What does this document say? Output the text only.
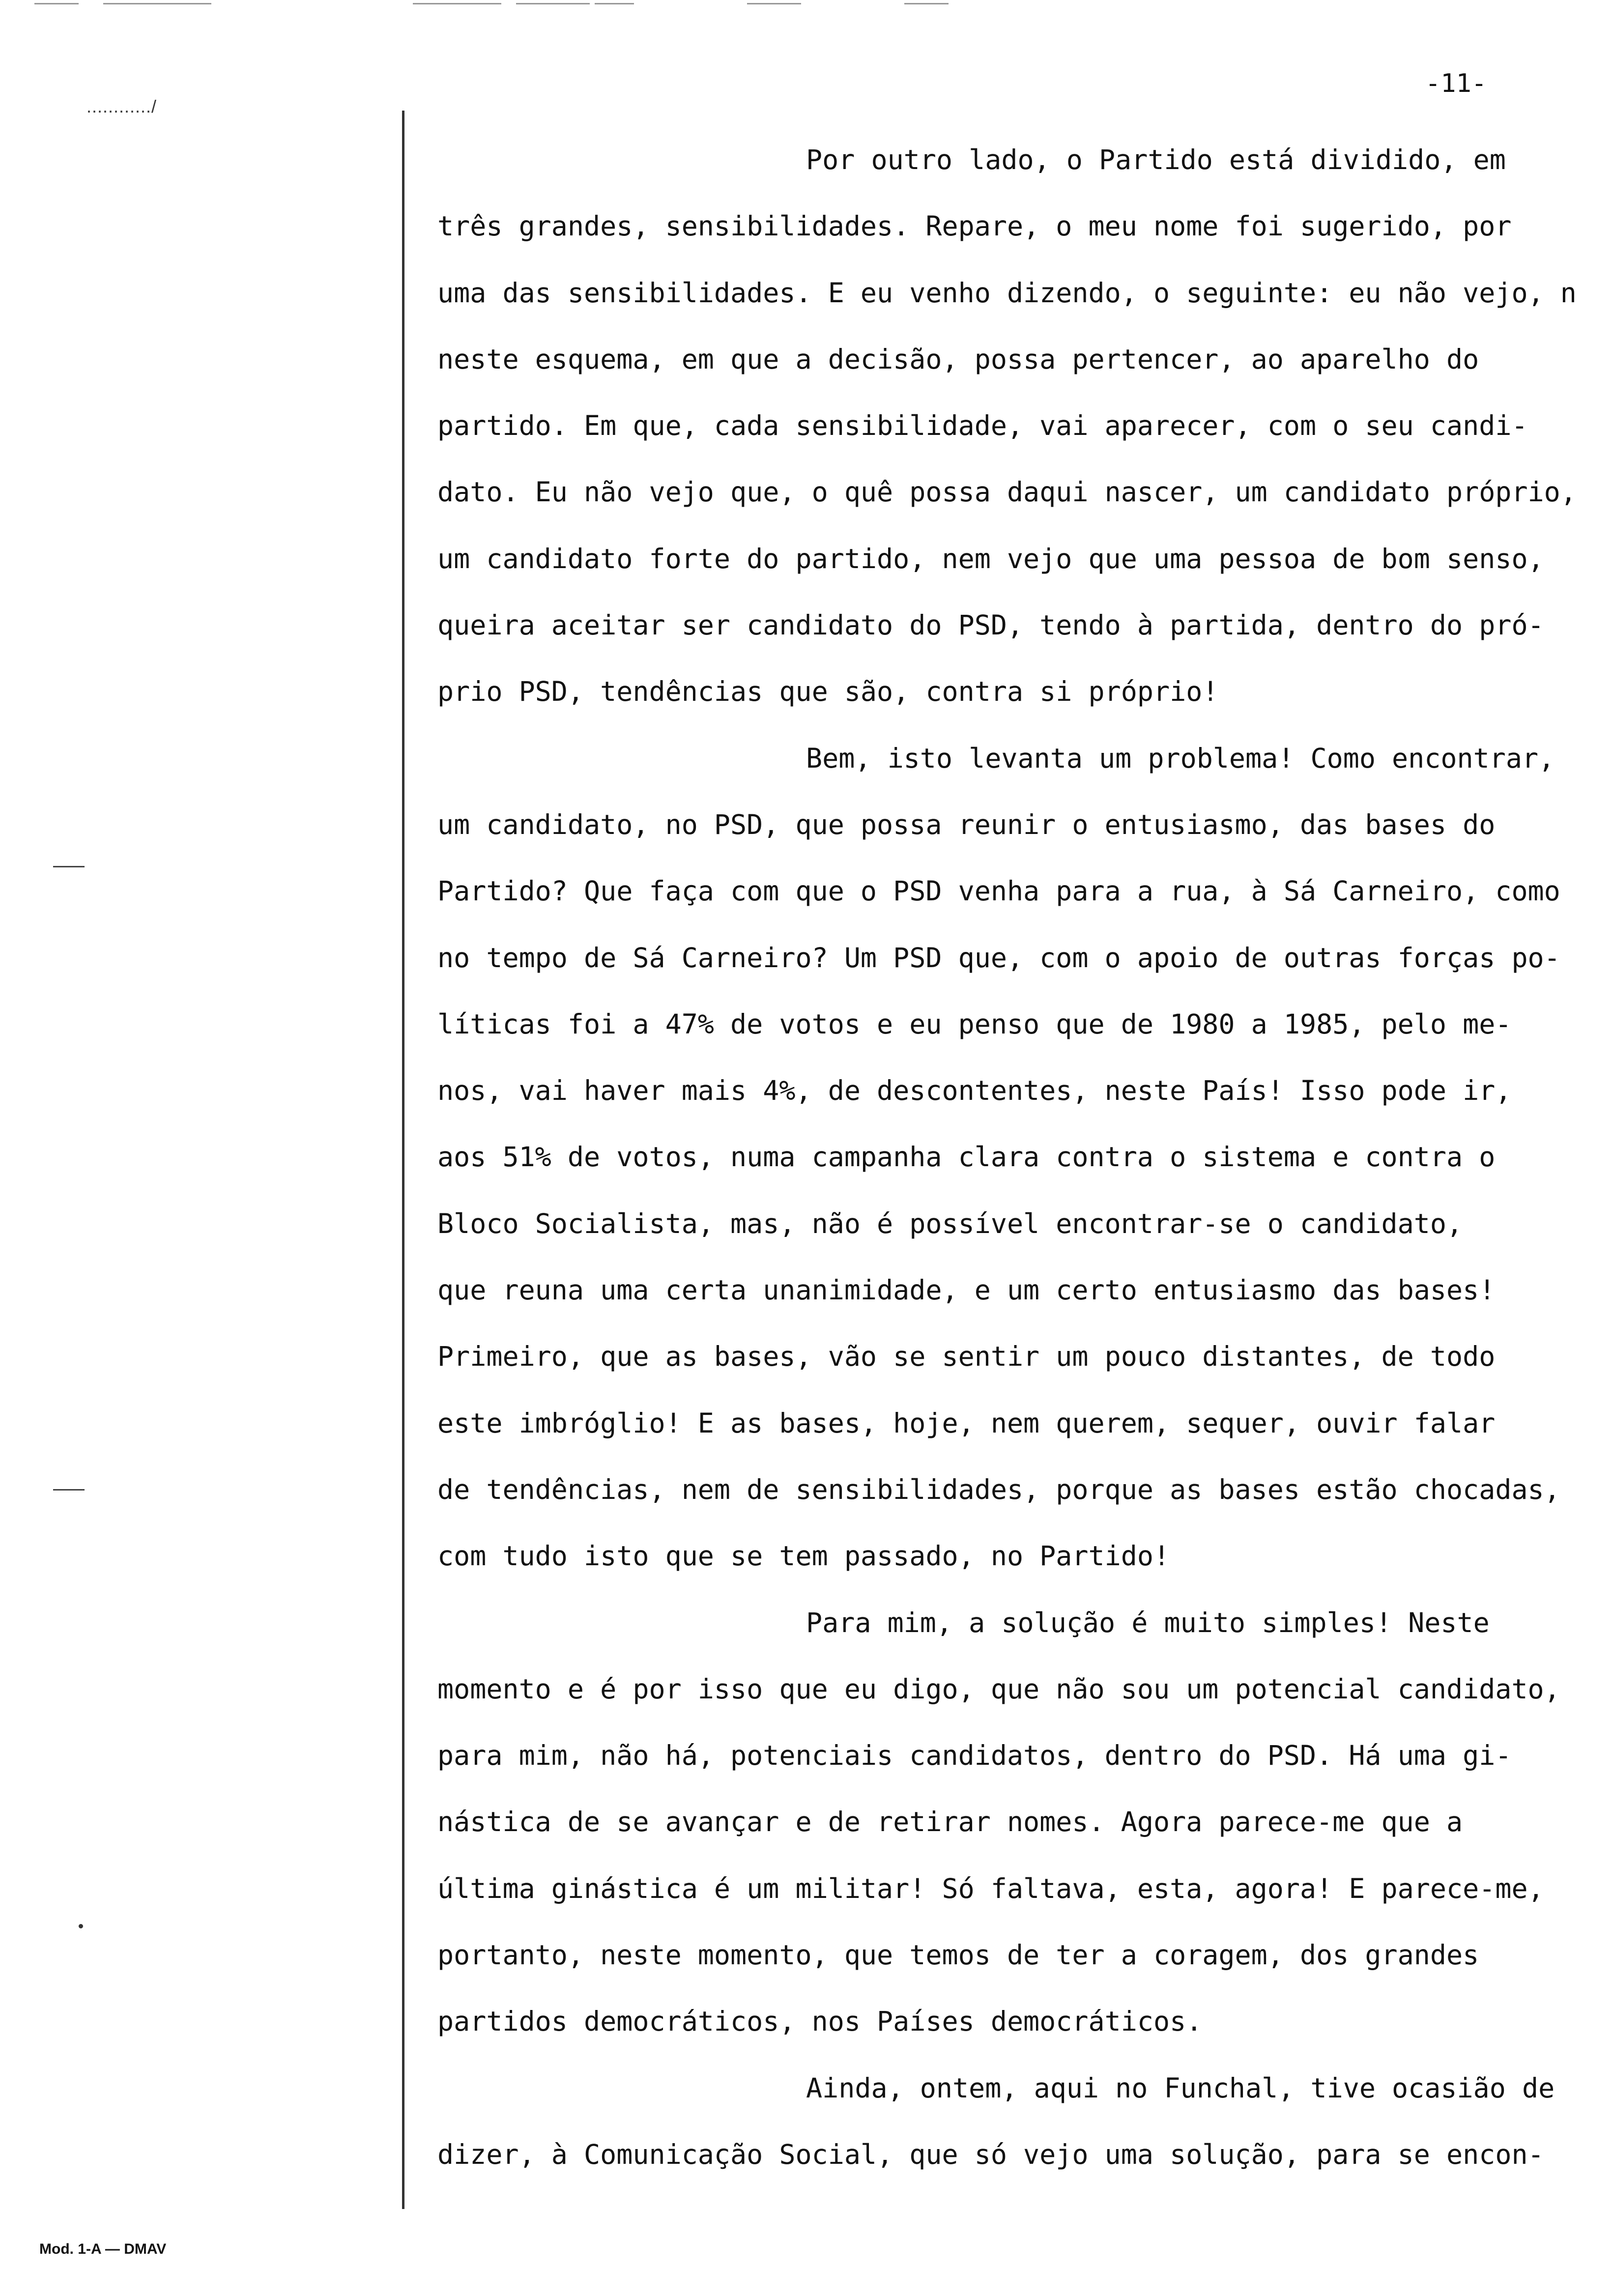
............/
-11-
Por outro lado, o Partido está dividido, em
três grandes, sensibilidades. Repare, o meu nome foi sugerido, por
uma das sensibilidades. E eu venho dizendo, o seguinte: eu não vejo, n
neste esquema, em que a decisão, possa pertencer, ao aparelho do
partido. Em que, cada sensibilidade, vai aparecer, com o seu candi-
dato. Eu não vejo que, o quê possa daqui nascer, um candidato próprio,
um candidato forte do partido, nem vejo que uma pessoa de bom senso,
queira aceitar ser candidato do PSD, tendo à partida, dentro do pró-
prio PSD, tendências que são, contra si próprio!
Bem, isto levanta um problema! Como encontrar,
um candidato, no PSD, que possa reunir o entusiasmo, das bases do
Partido? Que faça com que o PSD venha para a rua, à Sá Carneiro, como
no tempo de Sá Carneiro? Um PSD que, com o apoio de outras forças po-
líticas foi a 47% de votos e eu penso que de 1980 a 1985, pelo me-
nos, vai haver mais 4%, de descontentes, neste País! Isso pode ir,
aos 51% de votos, numa campanha clara contra o sistema e contra o
Bloco Socialista, mas, não é possível encontrar-se o candidato,
que reuna uma certa unanimidade, e um certo entusiasmo das bases!
Primeiro, que as bases, vão se sentir um pouco distantes, de todo
este imbróglio! E as bases, hoje, nem querem, sequer, ouvir falar
de tendências, nem de sensibilidades, porque as bases estão chocadas,
com tudo isto que se tem passado, no Partido!
Para mim, a solução é muito simples! Neste
momento e é por isso que eu digo, que não sou um potencial candidato,
para mim, não há, potenciais candidatos, dentro do PSD. Há uma gi-
nástica de se avançar e de retirar nomes. Agora parece-me que a
última ginástica é um militar! Só faltava, esta, agora! E parece-me,
portanto, neste momento, que temos de ter a coragem, dos grandes
partidos democráticos, nos Países democráticos.
Ainda, ontem, aqui no Funchal, tive ocasião de
dizer, à Comunicação Social, que só vejo uma solução, para se encon-
Mod. 1-A — DMAV
